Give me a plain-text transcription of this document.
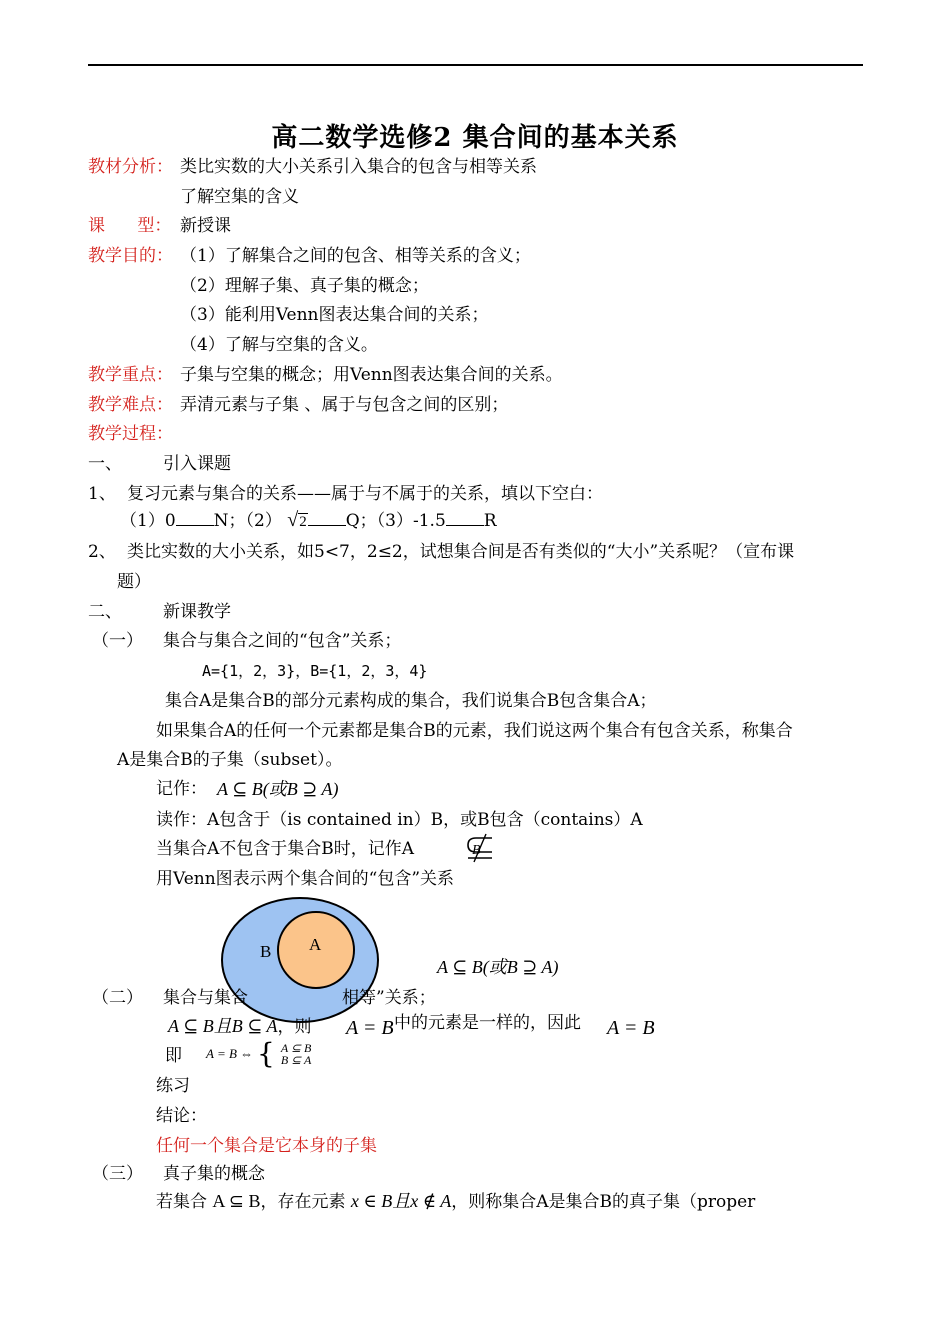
高二数学选修2 集合间的基本关系
教材分析： 类比实数的大小关系引入集合的包含与相等关系
了解空集的含义
课      型： 新授课
教学目的： （1）了解集合之间的包含、相等关系的含义；
（2）理解子集、真子集的概念；
（3）能利用Venn图表达集合间的关系；
（4）了解与空集的含义。
教学重点： 子集与空集的概念；用Venn图表达集合间的关系。
教学难点： 弄清元素与子集 、属于与包含之间的区别；
教学过程：
一、 引入课题
1、 复习元素与集合的关系——属于与不属于的关系，填以下空白：
（1）0 N；（2） √2 Q；（3）-1.5 R
2、 类比实数的大小关系，如5<7，2≤2，试想集合间是否有类似的“大小”关系呢？（宣布课
题）
二、 新课教学
（一） 集合与集合之间的“包含”关系；
A={1，2，3}，B={1，2，3，4}
集合A是集合B的部分元素构成的集合，我们说集合B包含集合A；
如果集合A的任何一个元素都是集合B的元素，我们说这两个集合有包含关系，称集合
A是集合B的子集（subset）。
记作： A ⊆ B(或B ⊇ A)
读作：A包含于（is contained in）B，或B包含（contains）A
当集合A不包含于集合B时，记作A	B
用Venn图表示两个集合间的“包含”关系
B A
A ⊆ B(或B ⊇ A)
（二） 集合与集合	相等”关系；
A ⊆ B且B ⊆ A，则 A = B 中的元素是一样的，因此 A = B
即 A = B ⇔ { A ⊆ B
B ⊆ A
练习
结论：
任何一个集合是它本身的子集
（三） 真子集的概念
若集合 A ⊆ B，存在元素 x ∈ B且x ∉ A，则称集合A是集合B的真子集（proper
